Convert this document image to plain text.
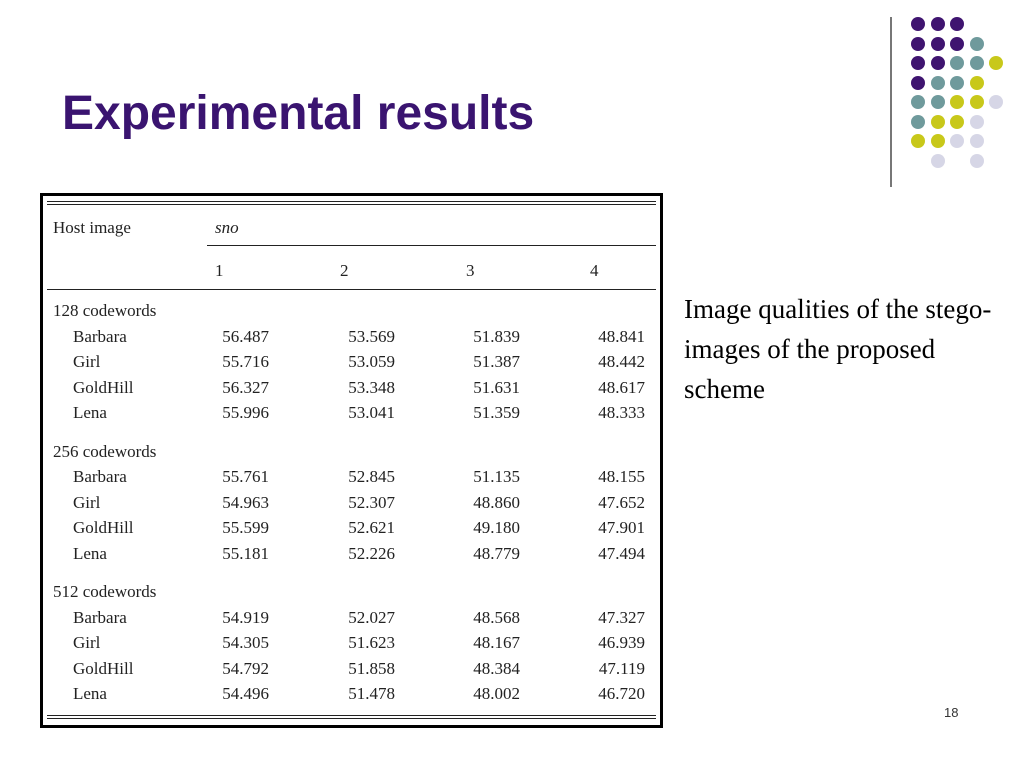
Experimental results
Host image	sno
1	2	3	4
128 codewords
Barbara	56.487	53.569	51.839	48.841
Girl	55.716	53.059	51.387	48.442
GoldHill	56.327	53.348	51.631	48.617
Lena	55.996	53.041	51.359	48.333
256 codewords
Barbara	55.761	52.845	51.135	48.155
Girl	54.963	52.307	48.860	47.652
GoldHill	55.599	52.621	49.180	47.901
Lena	55.181	52.226	48.779	47.494
512 codewords
Barbara	54.919	52.027	48.568	47.327
Girl	54.305	51.623	48.167	46.939
GoldHill	54.792	51.858	48.384	47.119
Lena	54.496	51.478	48.002	46.720
Image qualities of the stego-images of the proposed scheme
18
